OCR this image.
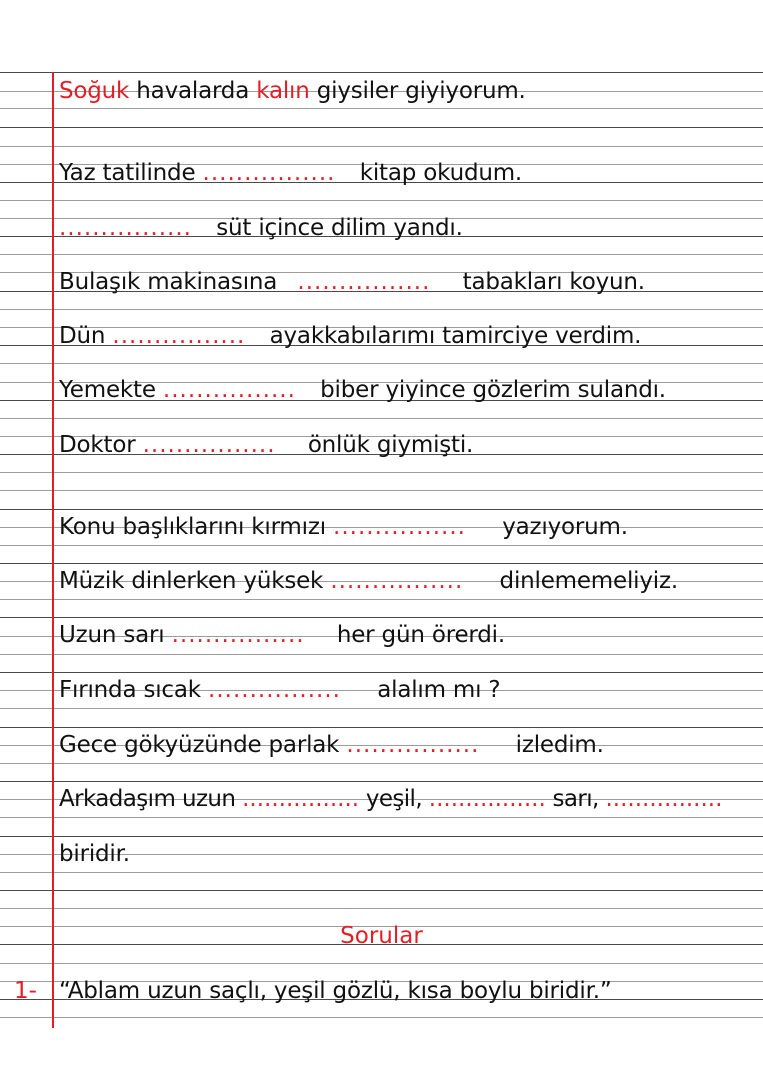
Soğuk havalarda kalın giysiler giyiyorum.
Yaz tatilinde ................ kitap okudum.
................ süt içince dilim yandı.
Bulaşık makinasına ................ tabakları koyun.
Dün ................ ayakkabılarımı tamirciye verdim.
Yemekte ................ biber yiyince gözlerim sulandı.
Doktor ................ önlük giymişti.
Konu başlıklarını kırmızı ................ yazıyorum.
Müzik dinlerken yüksek ................ dinlememeliyiz.
Uzun sarı ................ her gün örerdi.
Fırında sıcak ................ alalım mı ?
Gece gökyüzünde parlak ................ izledim.
Arkadaşım uzun ................ yeşil, ................ sarı, ................
biridir.
Sorular
1- “Ablam uzun saçlı, yeşil gözlü, kısa boylu biridir.”
